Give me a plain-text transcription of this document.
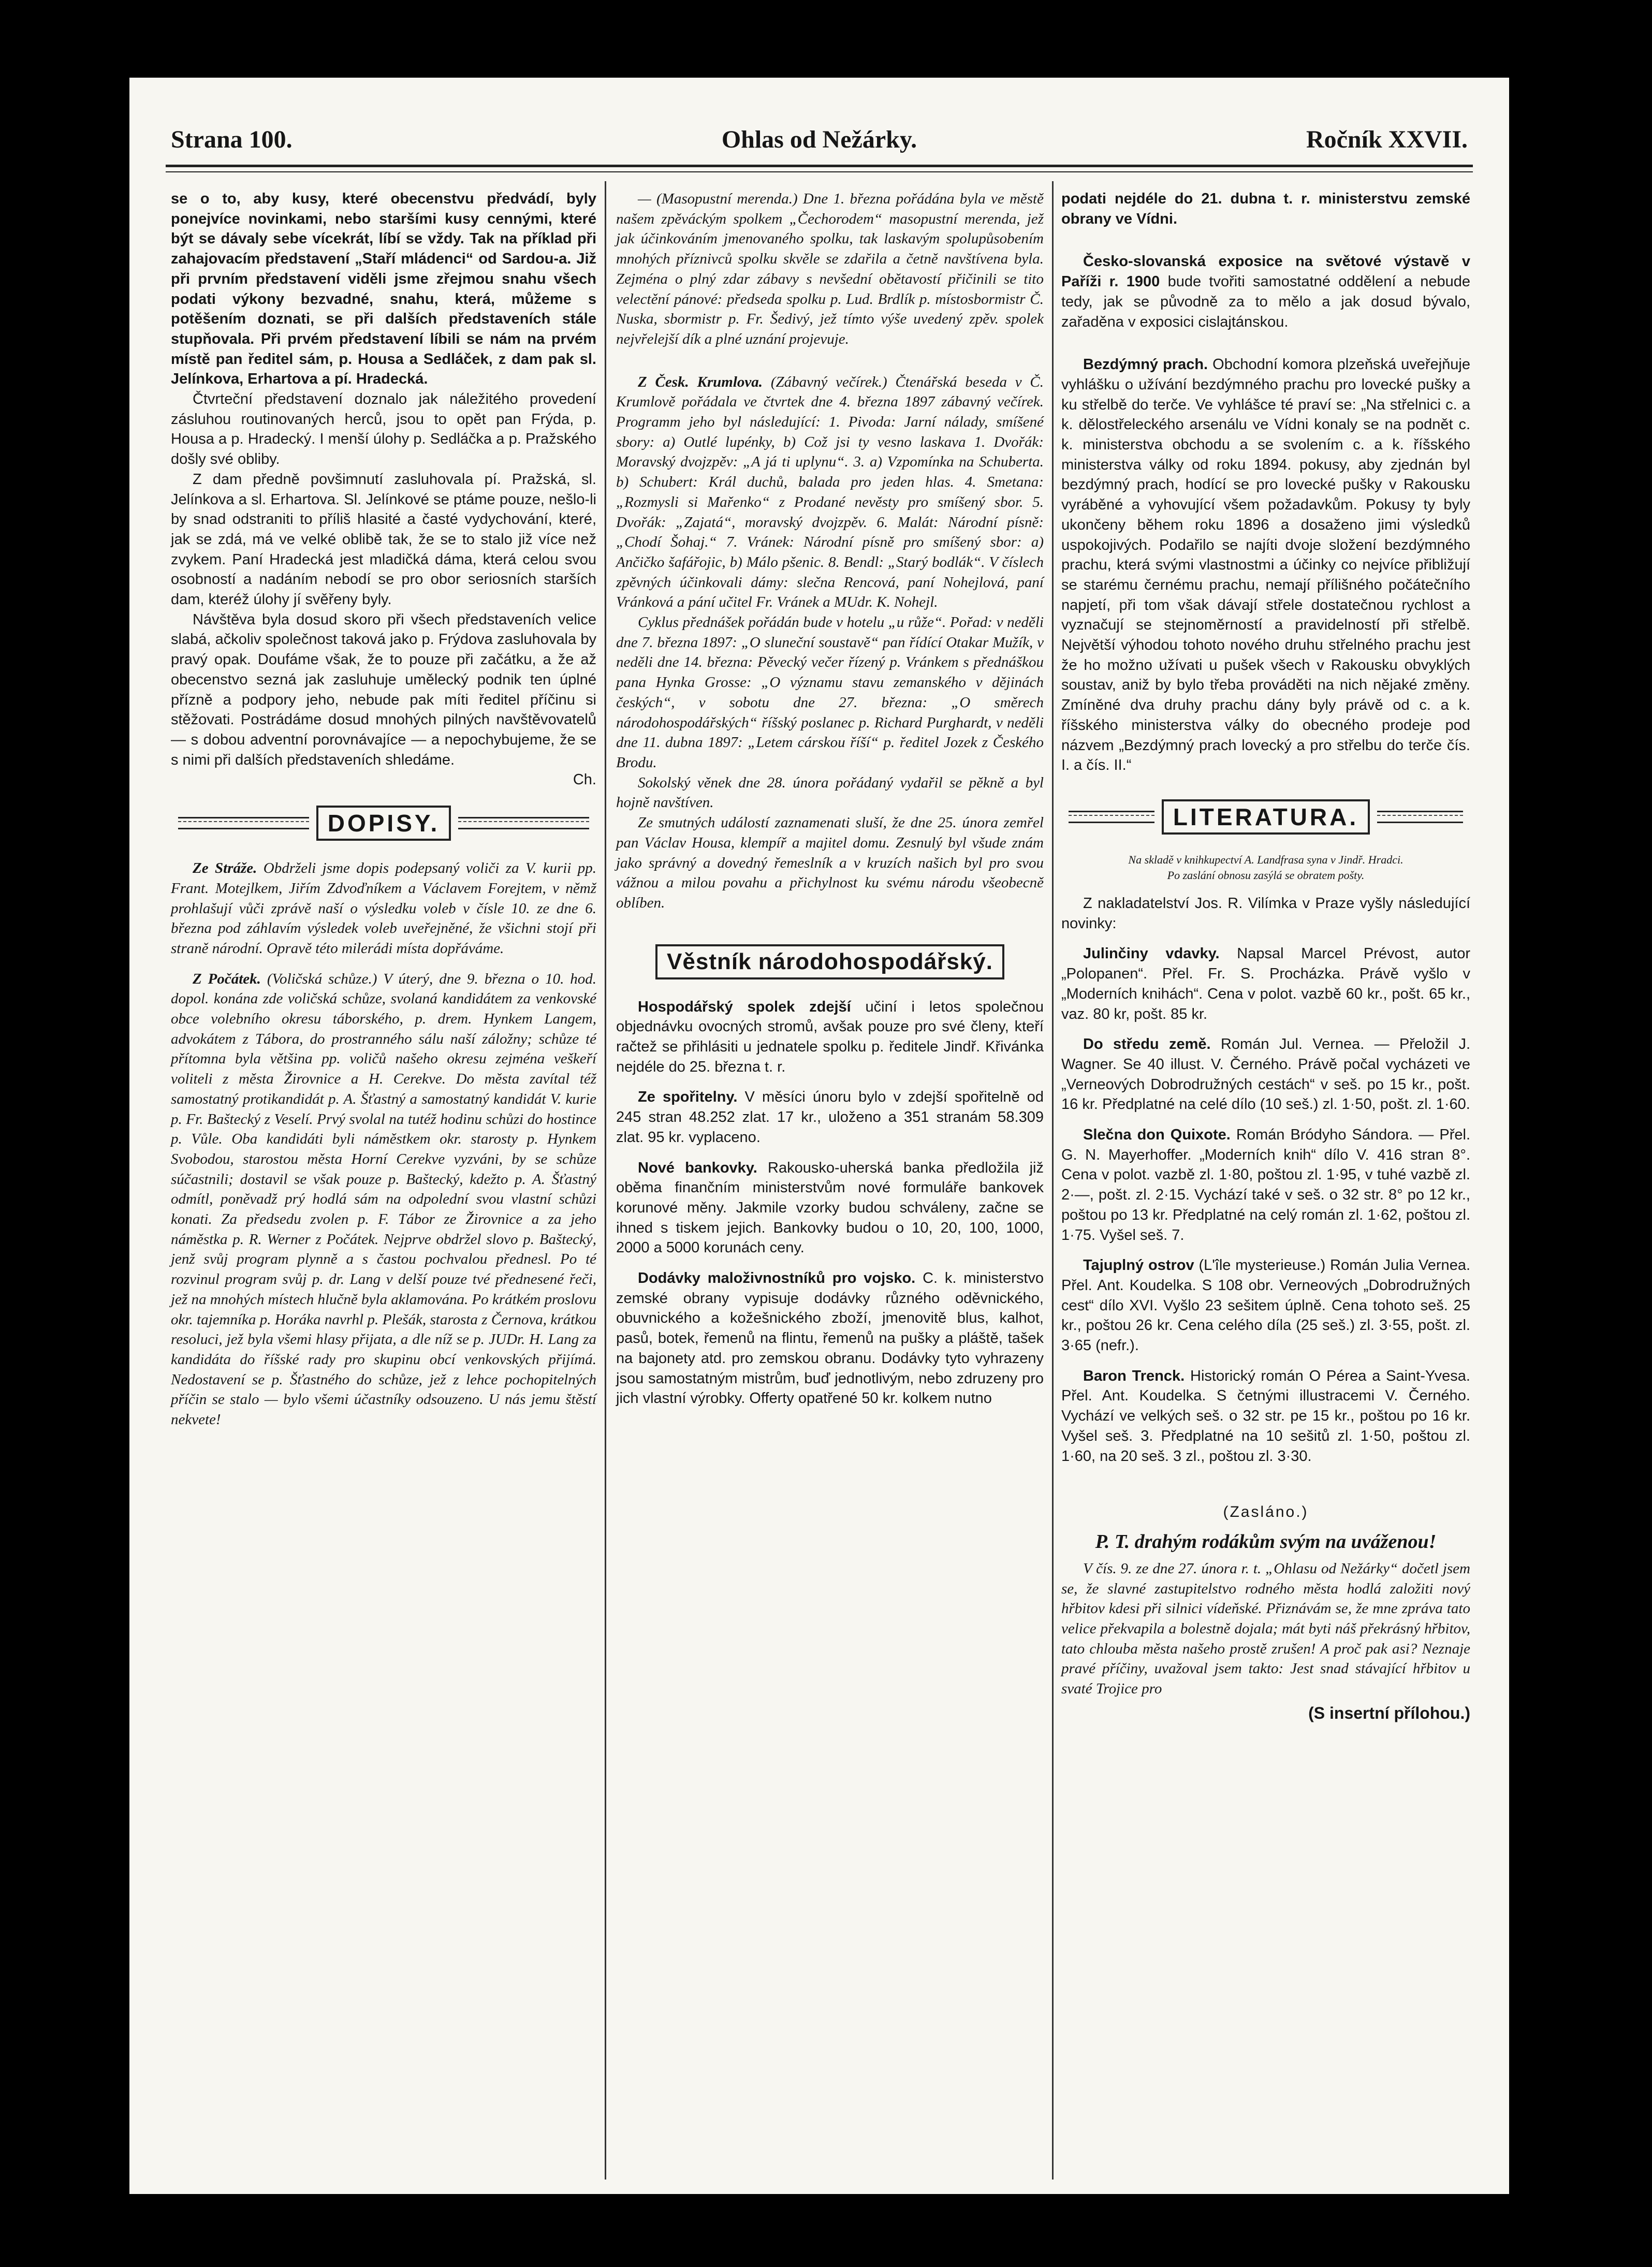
Strana 100.	Ohlas od Nežárky.	Ročník XXVII.

se o to, aby kusy, které obecenstvu předvádí, byly ponejvíce novinkami, nebo staršími kusy cennými, které být se dávaly sebe vícekrát, líbí se vždy. Tak na příklad při zahajovacím představení „Staří mládenci“ od Sardou-a. Již při prvním představení viděli jsme zřejmou snahu všech podati výkony bezvadné, snahu, která, můžeme s potěšením doznati, se při dalších představeních stále stupňovala. Při prvém představení líbili se nám na prvém místě pan ředitel sám, p. Housa a Sedláček, z dam pak sl. Jelínkova, Erhartova a pí. Hradecká.

Čtvrteční představení doznalo jak náležitého provedení zásluhou routinovaných herců, jsou to opět pan Frýda, p. Housa a p. Hradecký. I menší úlohy p. Sedláčka a p. Pražského došly své obliby.

Z dam předně povšimnutí zasluhovala pí. Pražská, sl. Jelínkova a sl. Erhartova. Sl. Jelínkové se ptáme pouze, nešlo-li by snad odstraniti to příliš hlasité a časté vydychování, které, jak se zdá, má ve velké oblibě tak, že se to stalo již více než zvykem. Paní Hradecká jest mladičká dáma, která celou svou osobností a nadáním nebodí se pro obor seriosních starších dam, kteréž úlohy jí svěřeny byly.

Návštěva byla dosud skoro při všech představeních velice slabá, ačkoliv společnost taková jako p. Frýdova zasluhovala by pravý opak. Doufáme však, že to pouze při začátku, a že až obecenstvo sezná jak zasluhuje umělecký podnik ten úplné přízně a podpory jeho, nebude pak míti ředitel příčinu si stěžovati. Postrádáme dosud mnohých pilných navštěvovatelů — s dobou adventní porovnávajíce — a nepochybujeme, že se s nimi při dalších představeních shledáme.

Ch.

DOPISY.

Ze Stráže. Obdrželi jsme dopis podepsaný voliči za V. kurii pp. Frant. Motejlkem, Jiřím Zdvoďníkem a Václavem Forejtem, v němž prohlašují vůči zprávě naší o výsledku voleb v čísle 10. ze dne 6. března pod záhlavím výsledek voleb uveřejněné, že všichni stojí při straně národní. Opravě této milerádi místa dopřáváme.

Z Počátek. (Voličská schůze.) V úterý, dne 9. března o 10. hod. dopol. konána zde voličská schůze, svolaná kandidátem za venkovské obce volebního okresu táborského, p. drem. Hynkem Langem, advokátem z Tábora, do prostranného sálu naší záložny; schůze té přítomna byla většina pp. voličů našeho okresu zejména veškeří voliteli z města Žirovnice a H. Cerekve. Do města zavítal též samostatný protikandidát p. A. Šťastný a samostatný kandidát V. kurie p. Fr. Baštecký z Veselí. Prvý svolal na tutéž hodinu schůzi do hostince p. Vůle. Oba kandidáti byli náměstkem okr. starosty p. Hynkem Svobodou, starostou města Horní Cerekve vyzváni, by se schůze súčastnili; dostavil se však pouze p. Baštecký, kdežto p. A. Šťastný odmítl, poněvadž prý hodlá sám na odpolední svou vlastní schůzi konati. Za předsedu zvolen p. F. Tábor ze Žirovnice a za jeho náměstka p. R. Werner z Počátek. Nejprve obdržel slovo p. Baštecký, jenž svůj program plynně a s častou pochvalou přednesl. Po té rozvinul program svůj p. dr. Lang v delší pouze tvé přednesené řeči, jež na mnohých místech hlučně byla aklamována. Po krátkém proslovu okr. tajemníka p. Horáka navrhl p. Plešák, starosta z Černova, krátkou resoluci, jež byla všemi hlasy přijata, a dle níž se p. JUDr. H. Lang za kandidáta do říšské rady pro skupinu obcí venkovských přijímá. Nedostavení se p. Šťastného do schůze, jež z lehce pochopitelných příčin se stalo — bylo všemi účastníky odsouzeno. U nás jemu štěstí nekvete!

— (Masopustní merenda.) Dne 1. března pořádána byla ve městě našem zpěváckým spolkem „Čechorodem“ masopustní merenda, jež jak účinkováním jmenovaného spolku, tak laskavým spolupůsobením mnohých příznivců spolku skvěle se zdařila a četně navštívena byla. Zejména o plný zdar zábavy s nevšední obětavostí přičinili se tito velectění pánové: předseda spolku p. Lud. Brdlík p. místosbormistr Č. Nuska, sbormistr p. Fr. Šedivý, jež tímto výše uvedený zpěv. spolek nejvřelejší dík a plné uznání projevuje.

Z Česk. Krumlova. (Zábavný večírek.) Čtenářská beseda v Č. Krumlově pořádala ve čtvrtek dne 4. března 1897 zábavný večírek. Programm jeho byl následující: 1. Pivoda: Jarní nálady, smíšené sbory: a) Outlé lupénky, b) Což jsi ty vesno laskava 1. Dvořák: Moravský dvojzpěv: „A já ti uplynu“. 3. a) Vzpomínka na Schuberta. b) Schubert: Král duchů, balada pro jeden hlas. 4. Smetana: „Rozmysli si Mařenko“ z Prodané nevěsty pro smíšený sbor. 5. Dvořák: „Zajatá“, moravský dvojzpěv. 6. Malát: Národní písně: „Chodí Šohaj.“ 7. Vránek: Národní písně pro smíšený sbor: a) Ančičko šafářojic, b) Málo pšenic. 8. Bendl: „Starý bodlák“. V číslech zpěvných účinkovali dámy: slečna Rencová, paní Nohejlová, paní Vránková a pání učitel Fr. Vránek a MUdr. K. Nohejl.

Cyklus přednášek pořádán bude v hotelu „u růže“. Pořad: v neděli dne 7. března 1897: „O sluneční soustavě“ pan řídící Otakar Mužík, v neděli dne 14. března: Pěvecký večer řízený p. Vránkem s přednáškou pana Hynka Grosse: „O významu stavu zemanského v dějinách českých“, v sobotu dne 27. března: „O směrech národohospodářských“ říšský poslanec p. Richard Purghardt, v neděli dne 11. dubna 1897: „Letem cárskou říší“ p. ředitel Jozek z Českého Brodu.

Sokolský věnek dne 28. února pořádaný vydařil se pěkně a byl hojně navštíven.

Ze smutných událostí zaznamenati sluší, že dne 25. února zemřel pan Václav Housa, klempíř a majitel domu. Zesnulý byl všude znám jako správný a dovedný řemeslník a v kruzích našich byl pro svou vážnou a milou povahu a přichylnost ku svému národu všeobecně oblíben.

Věstník národohospodářský.

Hospodářský spolek zdejší učiní i letos společnou objednávku ovocných stromů, avšak pouze pro své členy, kteří račtež se přihlásiti u jednatele spolku p. ředitele Jindř. Křivánka nejdéle do 25. března t. r.

Ze spořitelny. V měsíci únoru bylo v zdejší spořitelně od 245 stran 48.252 zlat. 17 kr., uloženo a 351 stranám 58.309 zlat. 95 kr. vyplaceno.

Nové bankovky. Rakousko-uherská banka předložila již oběma finančním ministerstvům nové formuláře bankovek korunové měny. Jakmile vzorky budou schváleny, začne se ihned s tiskem jejich. Bankovky budou o 10, 20, 100, 1000, 2000 a 5000 korunách ceny.

Dodávky maloživnostníků pro vojsko. C. k. ministerstvo zemské obrany vypisuje dodávky různého oděvnického, obuvnického a kožešnického zboží, jmenovitě blus, kalhot, pasů, botek, řemenů na flintu, řemenů na pušky a pláště, tašek na bajonety atd. pro zemskou obranu. Dodávky tyto vyhrazeny jsou samostatným mistrům, buď jednotlivým, nebo zdruzeny pro jich vlastní výrobky. Offerty opatřené 50 kr. kolkem nutno

podati nejdéle do 21. dubna t. r. ministerstvu zemské obrany ve Vídni.

Česko-slovanská exposice na světové výstavě v Paříži r. 1900 bude tvořiti samostatné oddělení a nebude tedy, jak se původně za to mělo a jak dosud bývalo, zařaděna v exposici cislajtánskou.

Bezdýmný prach. Obchodní komora plzeňská uveřejňuje vyhlášku o užívání bezdýmného prachu pro lovecké pušky a ku střelbě do terče. Ve vyhlášce té praví se: „Na střelnici c. a k. dělostřeleckého arsenálu ve Vídni konaly se na podnět c. k. ministerstva obchodu a se svolením c. a k. říšského ministerstva války od roku 1894. pokusy, aby zjednán byl bezdýmný prach, hodící se pro lovecké pušky v Rakousku vyráběné a vyhovující všem požadavkům. Pokusy ty byly ukončeny během roku 1896 a dosaženo jimi výsledků uspokojivých. Podařilo se najíti dvoje složení bezdýmného prachu, která svými vlastnostmi a účinky co nejvíce přibližují se starému černému prachu, nemají přílišného počátečního napjetí, při tom však dávají střele dostatečnou rychlost a vyznačují se stejnoměrností a pravidelností při střelbě. Největší výhodou tohoto nového druhu střelného prachu jest že ho možno užívati u pušek všech v Rakousku obvyklých soustav, aniž by bylo třeba prováděti na nich nějaké změny. Zmíněné dva druhy prachu dány byly právě od c. a k. říšského ministerstva války do obecného prodeje pod názvem „Bezdýmný prach lovecký a pro střelbu do terče čís. I. a čís. II.“

LITERATURA.

Na skladě v knihkupectví A. Landfrasa syna v Jindř. Hradci.

Po zaslání obnosu zasýlá se obratem pošty.

Z nakladatelství Jos. R. Vilímka v Praze vyšly následující novinky:

Julinčiny vdavky. Napsal Marcel Prévost, autor „Polopanen“. Přel. Fr. S. Procházka. Právě vyšlo v „Moderních knihách“. Cena v polot. vazbě 60 kr., pošt. 65 kr., vaz. 80 kr, pošt. 85 kr.

Do středu země. Román Jul. Vernea. — Přeložil J. Wagner. Se 40 illust. V. Černého. Právě počal vycházeti ve „Verneových Dobrodružných cestách“ v seš. po 15 kr., pošt. 16 kr. Předplatné na celé dílo (10 seš.) zl. 1·50, pošt. zl. 1·60.

Slečna don Quixote. Román Bródyho Sándora. — Přel. G. N. Mayerhoffer. „Moderních knih“ dílo V. 416 stran 8°. Cena v polot. vazbě zl. 1·80, poštou zl. 1·95, v tuhé vazbě zl. 2·—, pošt. zl. 2·15. Vychází také v seš. o 32 str. 8° po 12 kr., poštou po 13 kr. Předplatné na celý román zl. 1·62, poštou zl. 1·75. Vyšel seš. 7.

Tajuplný ostrov (L'île mysterieuse.) Román Julia Vernea. Přel. Ant. Koudelka. S 108 obr. Verneových „Dobrodružných cest“ dílo XVI. Vyšlo 23 sešitem úplně. Cena tohoto seš. 25 kr., poštou 26 kr. Cena celého díla (25 seš.) zl. 3·55, pošt. zl. 3·65 (nefr.).

Baron Trenck. Historický román O Pérea a Saint-Yvesa. Přel. Ant. Koudelka. S četnými illustracemi V. Černého. Vychází ve velkých seš. o 32 str. pe 15 kr., poštou po 16 kr. Vyšel seš. 3. Předplatné na 10 sešitů zl. 1·50, poštou zl. 1·60, na 20 seš. 3 zl., poštou zl. 3·30.

(Zasláno.)

P. T. drahým rodákům svým na uváženou!

V čís. 9. ze dne 27. února r. t. „Ohlasu od Nežárky“ dočetl jsem se, že slavné zastupitelstvo rodného města hodlá založiti nový hřbitov kdesi při silnici vídeňské. Přiznávám se, že mne zpráva tato velice překvapila a bolestně dojala; mát byti náš překrásný hřbitov, tato chlouba města našeho prostě zrušen! A proč pak asi? Neznaje pravé příčiny, uvažoval jsem takto: Jest snad stávající hřbitov u svaté Trojice pro

(S insertní přílohou.)
